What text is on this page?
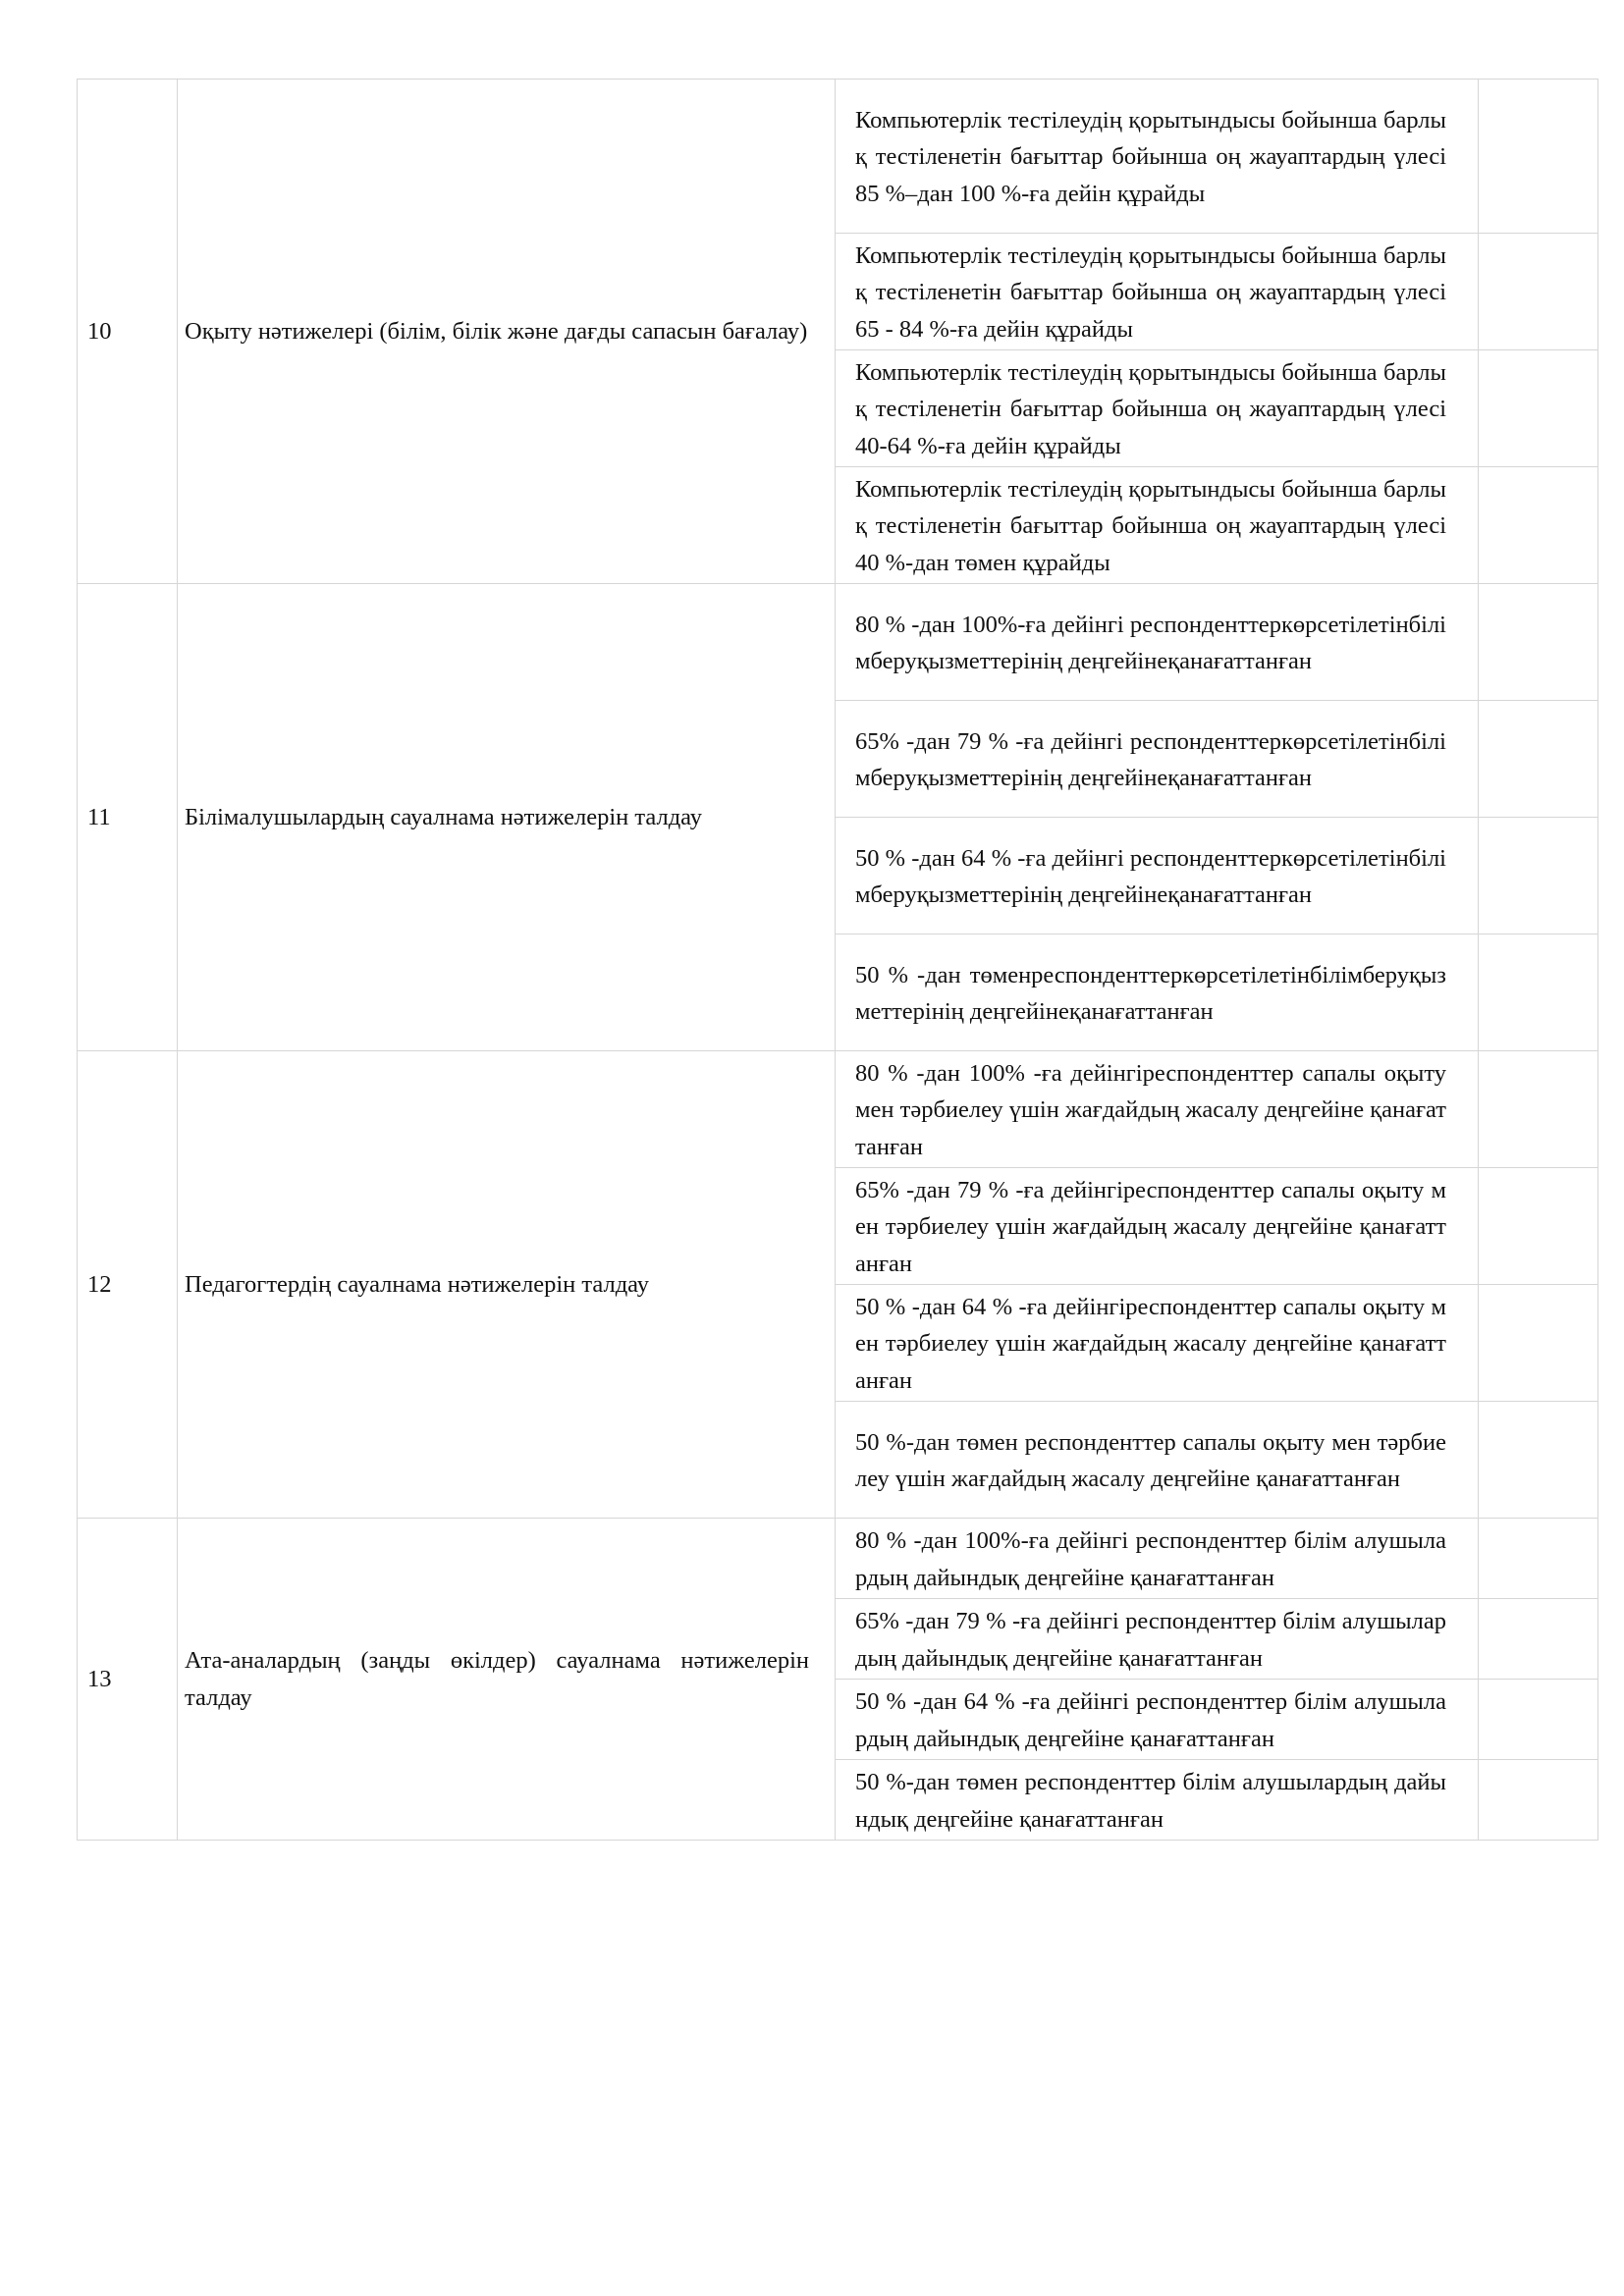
10	Оқыту нәтижелері (білім, білік және дағды сапасын бағалау)	Компьютерлік тестілеудің қорытындысы бойынша барлық тестіленетін бағыттар бойынша оң жауаптардың үлесі 85 %–дан 100 %-ға дейін құрайды	

		Компьютерлік тестілеудің қорытындысы бойынша барлық тестіленетін бағыттар бойынша оң жауаптардың үлесі 65 - 84 %-ға дейін құрайды	

		Компьютерлік тестілеудің қорытындысы бойынша барлық тестіленетін бағыттар бойынша оң жауаптардың үлесі 40-64 %-ға дейін құрайды	

		Компьютерлік тестілеудің қорытындысы бойынша барлық тестіленетін бағыттар бойынша оң жауаптардың үлесі 40 %-дан төмен құрайды	

11	Білімалушылардың сауалнама нәтижелерін талдау	80 % -дан 100%-ға дейінгі респонденттеркөрсетілетінбілімберуқызметтерінің деңгейінеқанағаттанған	

		65% -дан 79 % -ға дейінгі респонденттеркөрсетілетінбілімберуқызметтерінің деңгейінеқанағаттанған	

		50 % -дан 64 % -ға дейінгі респонденттеркөрсетілетінбілімберуқызметтерінің деңгейінеқанағаттанған	

		50 % -дан төменреспонденттеркөрсетілетінбілімберуқызметтерінің деңгейінеқанағаттанған	

12	Педагогтердің сауалнама нәтижелерін талдау	80 % -дан 100% -ға дейінгіреспонденттер сапалы оқыту мен тәрбиелеу үшін жағдайдың жасалу деңгейіне қанағаттанған	

		65% -дан 79 % -ға дейінгіреспонденттер сапалы оқыту мен тәрбиелеу үшін жағдайдың жасалу деңгейіне қанағаттанған	

		50 % -дан 64 % -ға дейінгіреспонденттер сапалы оқыту мен тәрбиелеу үшін жағдайдың жасалу деңгейіне қанағаттанған	

		50 %-дан төмен респонденттер сапалы оқыту мен тәрбиелеу үшін жағдайдың жасалу деңгейіне қанағаттанған	

13	Ата-аналардың (заңды өкілдер) сауалнама нәтижелерін талдау	80 % -дан 100%-ға дейінгі респонденттер білім алушылардың дайындық деңгейіне қанағаттанған	

		65% -дан 79 % -ға дейінгі респонденттер білім алушылардың дайындық деңгейіне қанағаттанған	

		50 % -дан 64 % -ға дейінгі респонденттер білім алушылардың дайындық деңгейіне қанағаттанған	

		50 %-дан төмен респонденттер білім алушылардың дайындық деңгейіне қанағаттанған	
